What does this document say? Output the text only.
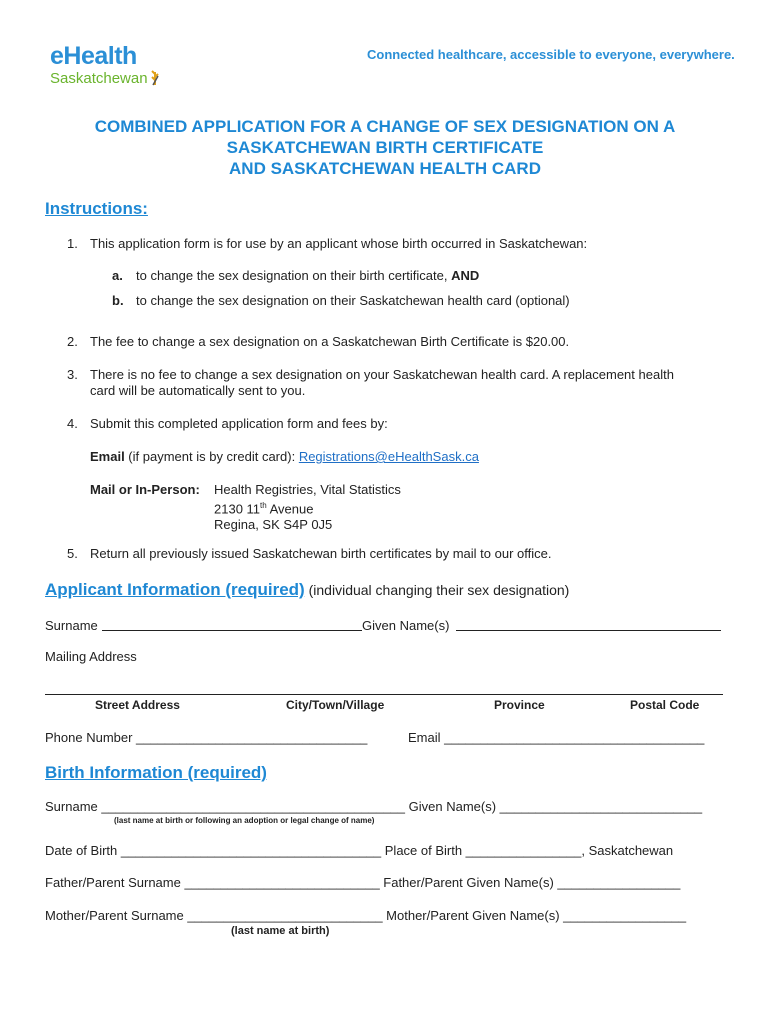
eHealth
Saskatchewan
Connected healthcare, accessible to everyone, everywhere.
COMBINED APPLICATION FOR A CHANGE OF SEX DESIGNATION ON A
SASKATCHEWAN BIRTH CERTIFICATE
AND SASKATCHEWAN HEALTH CARD
Instructions:
1. This application form is for use by an applicant whose birth occurred in Saskatchewan:
a. to change the sex designation on their birth certificate, AND
b. to change the sex designation on their Saskatchewan health card (optional)
2. The fee to change a sex designation on a Saskatchewan Birth Certificate is $20.00.
3. There is no fee to change a sex designation on your Saskatchewan health card. A replacement health
card will be automatically sent to you.
4. Submit this completed application form and fees by:
Email (if payment is by credit card): Registrations@eHealthSask.ca
Mail or In-Person: Health Registries, Vital Statistics
2130 11th Avenue
Regina, SK S4P 0J5
5. Return all previously issued Saskatchewan birth certificates by mail to our office.
Applicant Information (required) (individual changing their sex designation)
Surname	Given Name(s)
Mailing Address
Street Address	City/Town/Village	Province	Postal Code
Phone Number ________________________________	Email ____________________________________
Birth Information (required)
Surname __________________________________________ Given Name(s) ____________________________
(last name at birth or following an adoption or legal change of name)
Date of Birth ____________________________________ Place of Birth ________________, Saskatchewan
Father/Parent Surname ___________________________ Father/Parent Given Name(s) _________________
Mother/Parent Surname ___________________________ Mother/Parent Given Name(s) _________________
(last name at birth)
